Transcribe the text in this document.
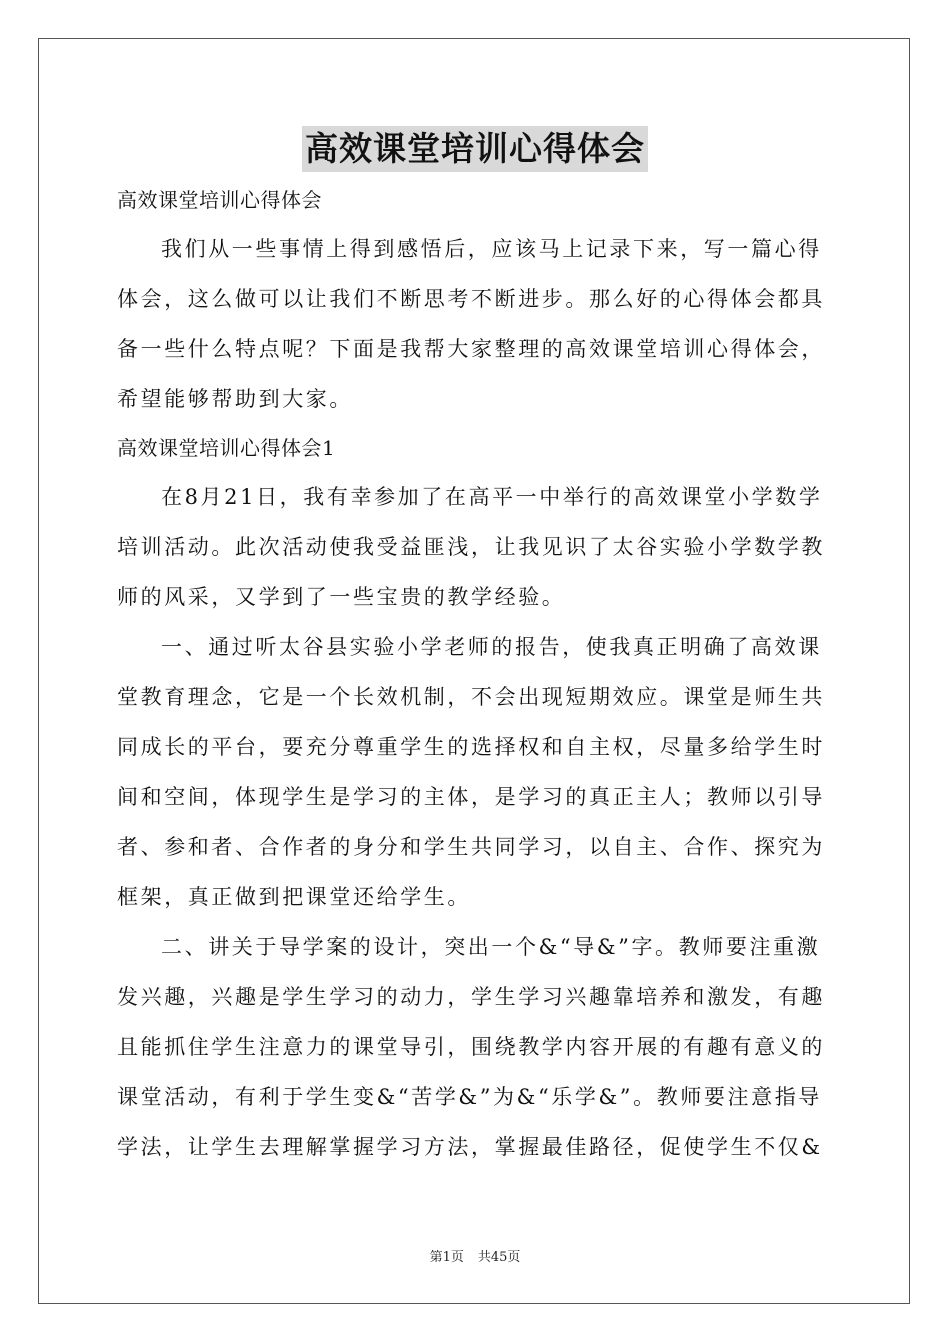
高效课堂培训心得体会

高效课堂培训心得体会

我们从一些事情上得到感悟后，应该马上记录下来，写一篇心得体会，这么做可以让我们不断思考不断进步。那么好的心得体会都具备一些什么特点呢？下面是我帮大家整理的高效课堂培训心得体会，希望能够帮助到大家。

高效课堂培训心得体会1

在8月21日，我有幸参加了在高平一中举行的高效课堂小学数学培训活动。此次活动使我受益匪浅，让我见识了太谷实验小学数学教师的风采，又学到了一些宝贵的教学经验。

一、通过听太谷县实验小学老师的报告，使我真正明确了高效课堂教育理念，它是一个长效机制，不会出现短期效应。课堂是师生共同成长的平台，要充分尊重学生的选择权和自主权，尽量多给学生时间和空间，体现学生是学习的主体，是学习的真正主人；教师以引导者、参和者、合作者的身分和学生共同学习，以自主、合作、探究为框架，真正做到把课堂还给学生。

二、讲关于导学案的设计，突出一个&“导&”字。教师要注重激发兴趣，兴趣是学生学习的动力，学生学习兴趣靠培养和激发，有趣且能抓住学生注意力的课堂导引，围绕教学内容开展的有趣有意义的课堂活动，有利于学生变&“苦学&”为&“乐学&”。教师要注意指导学法，让学生去理解掌握学习方法，掌握最佳路径，促使学生不仅&

第1页 共45页
